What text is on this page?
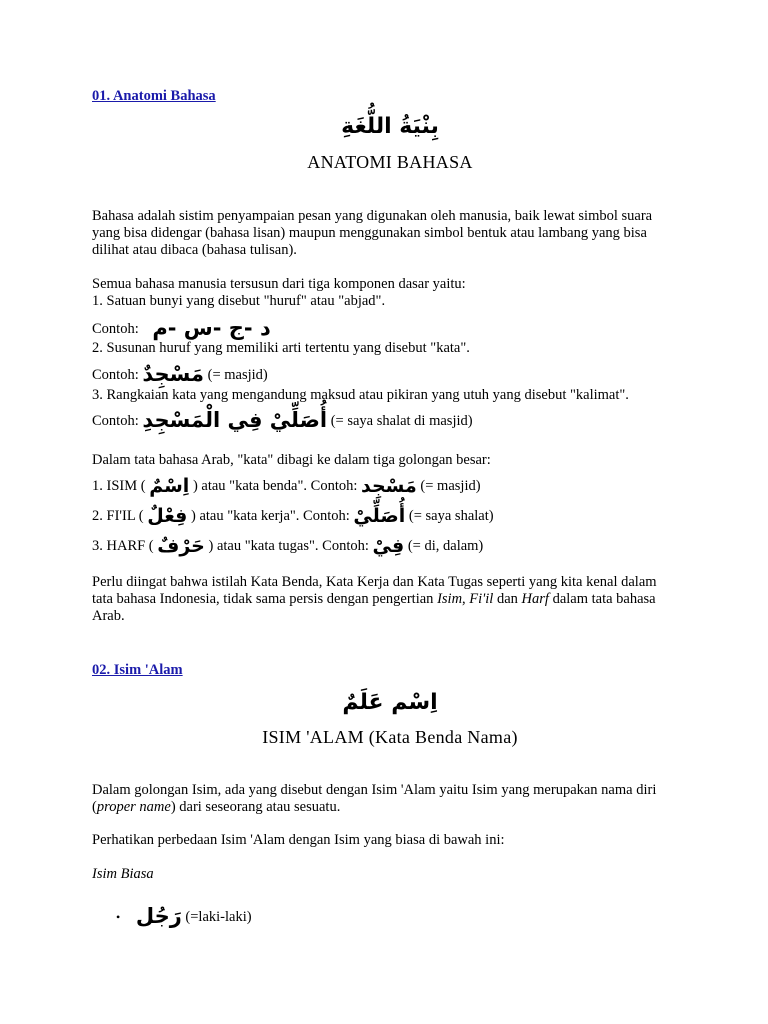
01. Anatomi Bahasa
بِنْيَةُ اللُّغَةِ
ANATOMI BAHASA
Bahasa adalah sistim penyampaian pesan yang digunakan oleh manusia, baik lewat simbol suara yang bisa didengar (bahasa lisan) maupun menggunakan simbol bentuk atau lambang yang bisa dilihat atau dibaca (bahasa tulisan).
Semua bahasa manusia tersusun dari tiga komponen dasar yaitu:
1. Satuan bunyi yang disebut "huruf" atau "abjad".
Contoh: د -ج -س -م
2. Susunan huruf yang memiliki arti tertentu yang disebut "kata".
Contoh: مَسْجِدٌ (= masjid)
3. Rangkaian kata yang mengandung maksud atau pikiran yang utuh yang disebut "kalimat".
Contoh: أُصَلِّيْ فِي الْمَسْجِدِ (= saya shalat di masjid)
Dalam tata bahasa Arab, "kata" dibagi ke dalam tiga golongan besar:
1. ISIM ( اِسْمٌ ) atau "kata benda". Contoh: مَسْجِد (= masjid)
2. FI'IL ( فِعْلٌ ) atau "kata kerja". Contoh: أُصَلِّيْ (= saya shalat)
3. HARF ( حَرْفٌ ) atau "kata tugas". Contoh: فِيْ (= di, dalam)
Perlu diingat bahwa istilah Kata Benda, Kata Kerja dan Kata Tugas seperti yang kita kenal dalam tata bahasa Indonesia, tidak sama persis dengan pengertian Isim, Fi'il dan Harf dalam tata bahasa Arab.
02. Isim 'Alam
اِسْم عَلَمٌ
ISIM 'ALAM (Kata Benda Nama)
Dalam golongan Isim, ada yang disebut dengan Isim 'Alam yaitu Isim yang merupakan nama diri (proper name) dari seseorang atau sesuatu.
Perhatikan perbedaan Isim 'Alam dengan Isim yang biasa di bawah ini:
Isim Biasa
• رَجُل (=laki-laki)
